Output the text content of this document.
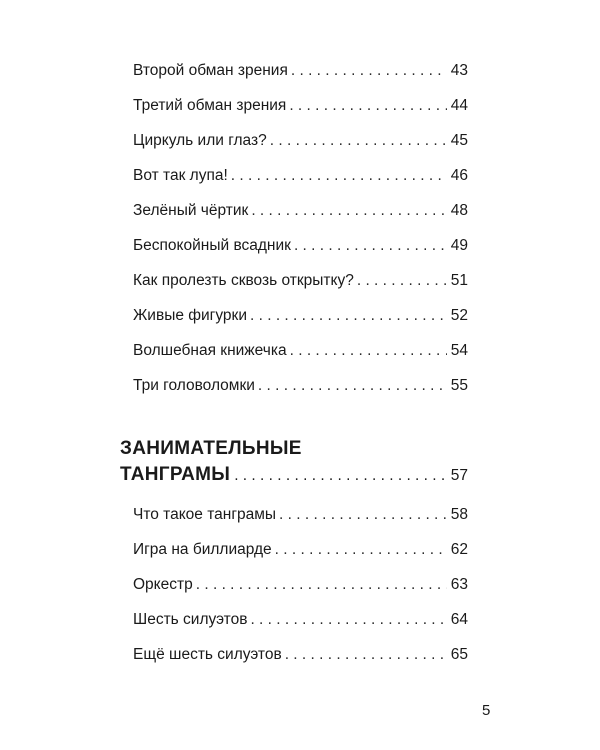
Второй обман зрения . . .	43
Третий обман зрения . . .	44
Циркуль или глаз? . . .	45
Вот так лупа! . . .	46
Зелёный чёртик . . .	48
Беспокойный всадник . . .	49
Как пролезть сквозь открытку? . . .	51
Живые фигурки . . .	52
Волшебная книжечка . . .	54
Три головоломки . . .	55
ЗАНИМАТЕЛЬНЫЕ
ТАНГРАМЫ . . .	57
Что такое танграмы . . .	58
Игра на биллиарде . . .	62
Оркестр . . .	63
Шесть силуэтов . . .	64
Ещё шесть силуэтов . . .	65
5
